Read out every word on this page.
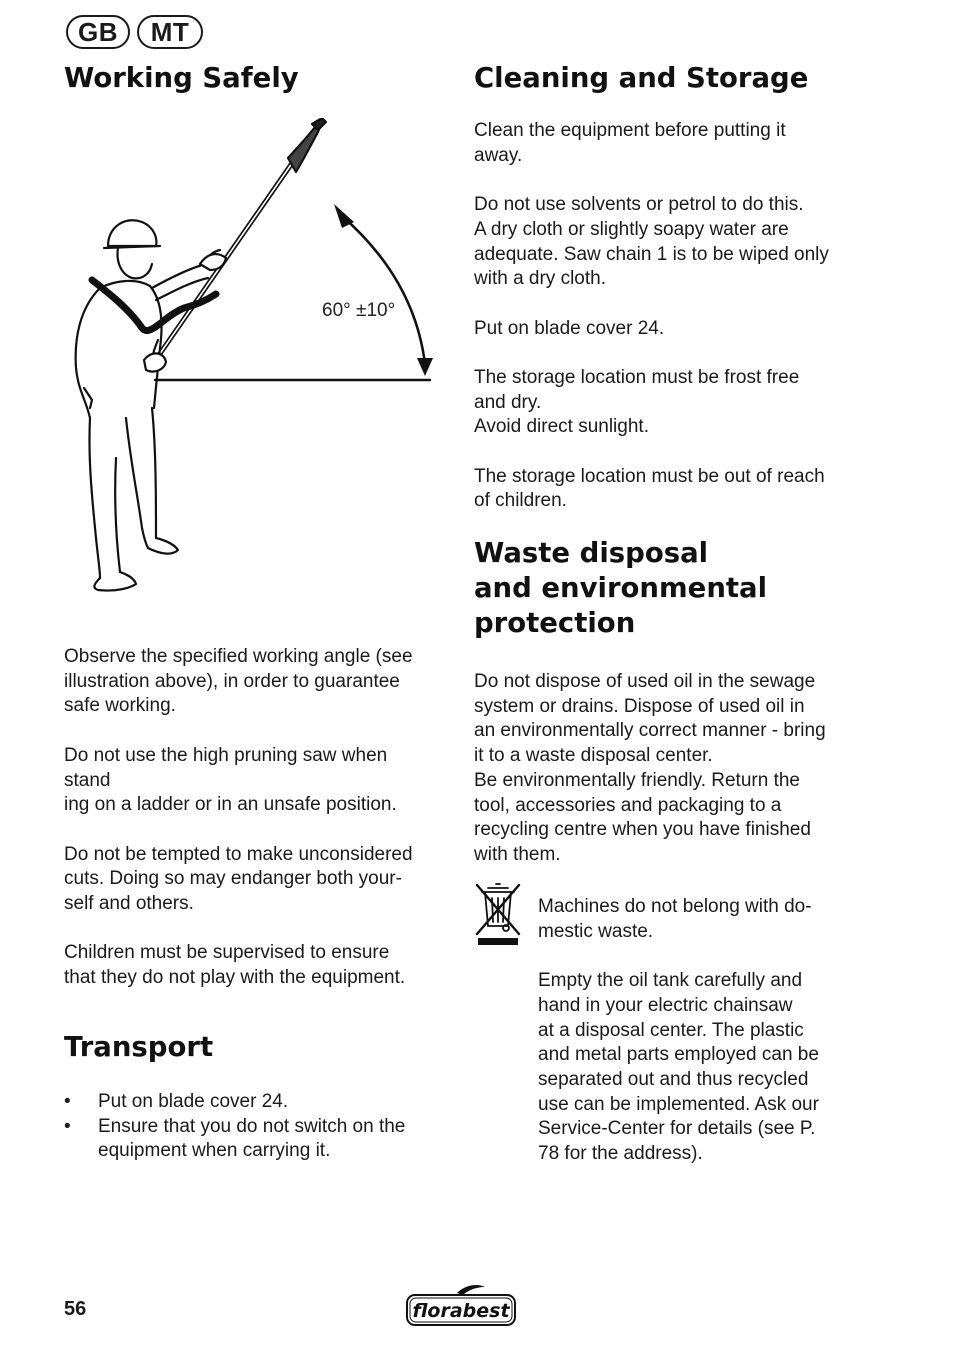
GB	MT
Working Safely
60° ±10°

Observe the specified working angle (see
illustration above), in order to guarantee
safe working.

Do not use the high pruning saw when
stand
ing on a ladder or in an unsafe position.

Do not be tempted to make unconsidered
cuts. Doing so may endanger both your-
self and others.

Children must be supervised to ensure
that they do not play with the equipment.

Transport
• Put on blade cover 24.
• Ensure that you do not switch on the
equipment when carrying it.
Cleaning and Storage

Clean the equipment before putting it
away.

Do not use solvents or petrol to do this.
A dry cloth or slightly soapy water are
adequate. Saw chain 1 is to be wiped only
with a dry cloth.

Put on blade cover 24.

The storage location must be frost free
and dry.
Avoid direct sunlight.

The storage location must be out of reach
of children.

Waste disposal
and environmental
protection

Do not dispose of used oil in the sewage
system or drains. Dispose of used oil in
an environmentally correct manner - bring
it to a waste disposal center.
Be environmentally friendly. Return the
tool, accessories and packaging to a
recycling centre when you have finished
with them.

Machines do not belong with do-
mestic waste.

Empty the oil tank carefully and
hand in your electric chainsaw
at a disposal center. The plastic
and metal parts employed can be
separated out and thus recycled
use can be implemented. Ask our
Service-Center for details (see P.
78 for the address).

56	florabest
